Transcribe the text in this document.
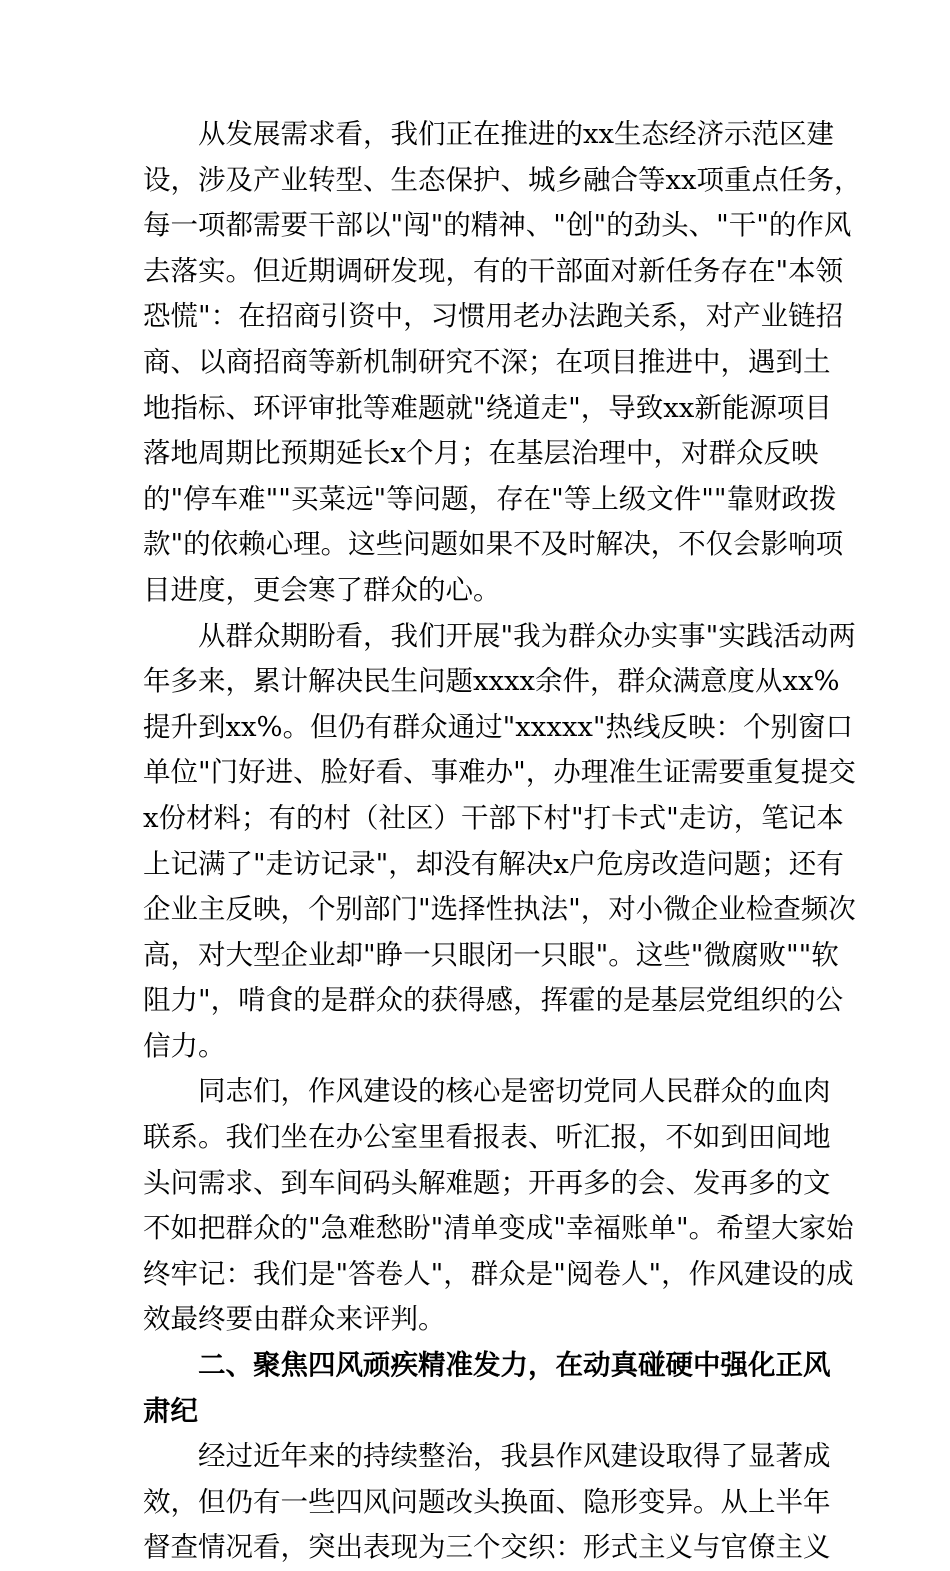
　　从发展需求看，我们正在推进的xx生态经济示范区建
设，涉及产业转型、生态保护、城乡融合等xx项重点任务，
每一项都需要干部以"闯"的精神、"创"的劲头、"干"的作风
去落实。但近期调研发现，有的干部面对新任务存在"本领
恐慌"：在招商引资中，习惯用老办法跑关系，对产业链招
商、以商招商等新机制研究不深；在项目推进中，遇到土
地指标、环评审批等难题就"绕道走"，导致xx新能源项目
落地周期比预期延长x个月；在基层治理中，对群众反映
的"停车难""买菜远"等问题，存在"等上级文件""靠财政拨
款"的依赖心理。这些问题如果不及时解决，不仅会影响项
目进度，更会寒了群众的心。

　　从群众期盼看，我们开展"我为群众办实事"实践活动两
年多来，累计解决民生问题xxxx余件，群众满意度从xx%
提升到xx%。但仍有群众通过"xxxxx"热线反映：个别窗口
单位"门好进、脸好看、事难办"，办理准生证需要重复提交
x份材料；有的村（社区）干部下村"打卡式"走访，笔记本
上记满了"走访记录"，却没有解决x户危房改造问题；还有
企业主反映，个别部门"选择性执法"，对小微企业检查频次
高，对大型企业却"睁一只眼闭一只眼"。这些"微腐败""软
阻力"，啃食的是群众的获得感，挥霍的是基层党组织的公
信力。

　　同志们，作风建设的核心是密切党同人民群众的血肉
联系。我们坐在办公室里看报表、听汇报，不如到田间地
头问需求、到车间码头解难题；开再多的会、发再多的文
不如把群众的"急难愁盼"清单变成"幸福账单"。希望大家始
终牢记：我们是"答卷人"，群众是"阅卷人"，作风建设的成
效最终要由群众来评判。

　　二、聚焦四风顽疾精准发力，在动真碰硬中强化正风
肃纪

　　经过近年来的持续整治，我县作风建设取得了显著成
效，但仍有一些四风问题改头换面、隐形变异。从上半年
督查情况看，突出表现为三个交织：形式主义与官僚主义
